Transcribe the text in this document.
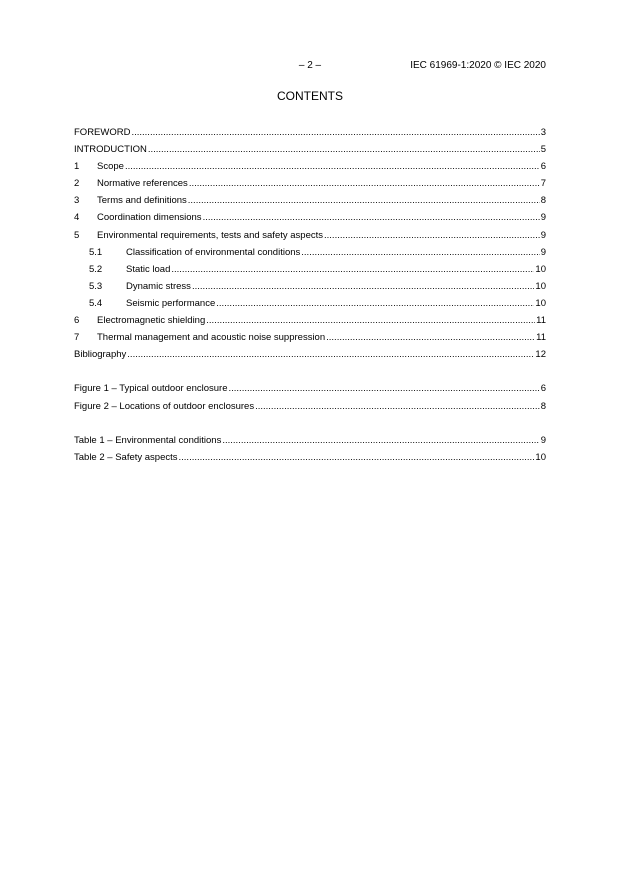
– 2 –	IEC 61969-1:2020 © IEC 2020
CONTENTS
FOREWORD .....	3
INTRODUCTION .....	5
1	Scope .....	6
2	Normative references .....	7
3	Terms and definitions .....	8
4	Coordination dimensions .....	9
5	Environmental requirements, tests and safety aspects .....	9
5.1	Classification of environmental conditions .....	9
5.2	Static load .....	10
5.3	Dynamic stress .....	10
5.4	Seismic performance .....	10
6	Electromagnetic shielding .....	11
7	Thermal management and acoustic noise suppression .....	11
Bibliography .....	12
Figure 1 – Typical outdoor enclosure .....	6
Figure 2 – Locations of outdoor enclosures .....	8
Table 1 – Environmental conditions .....	9
Table 2 – Safety aspects .....	10
